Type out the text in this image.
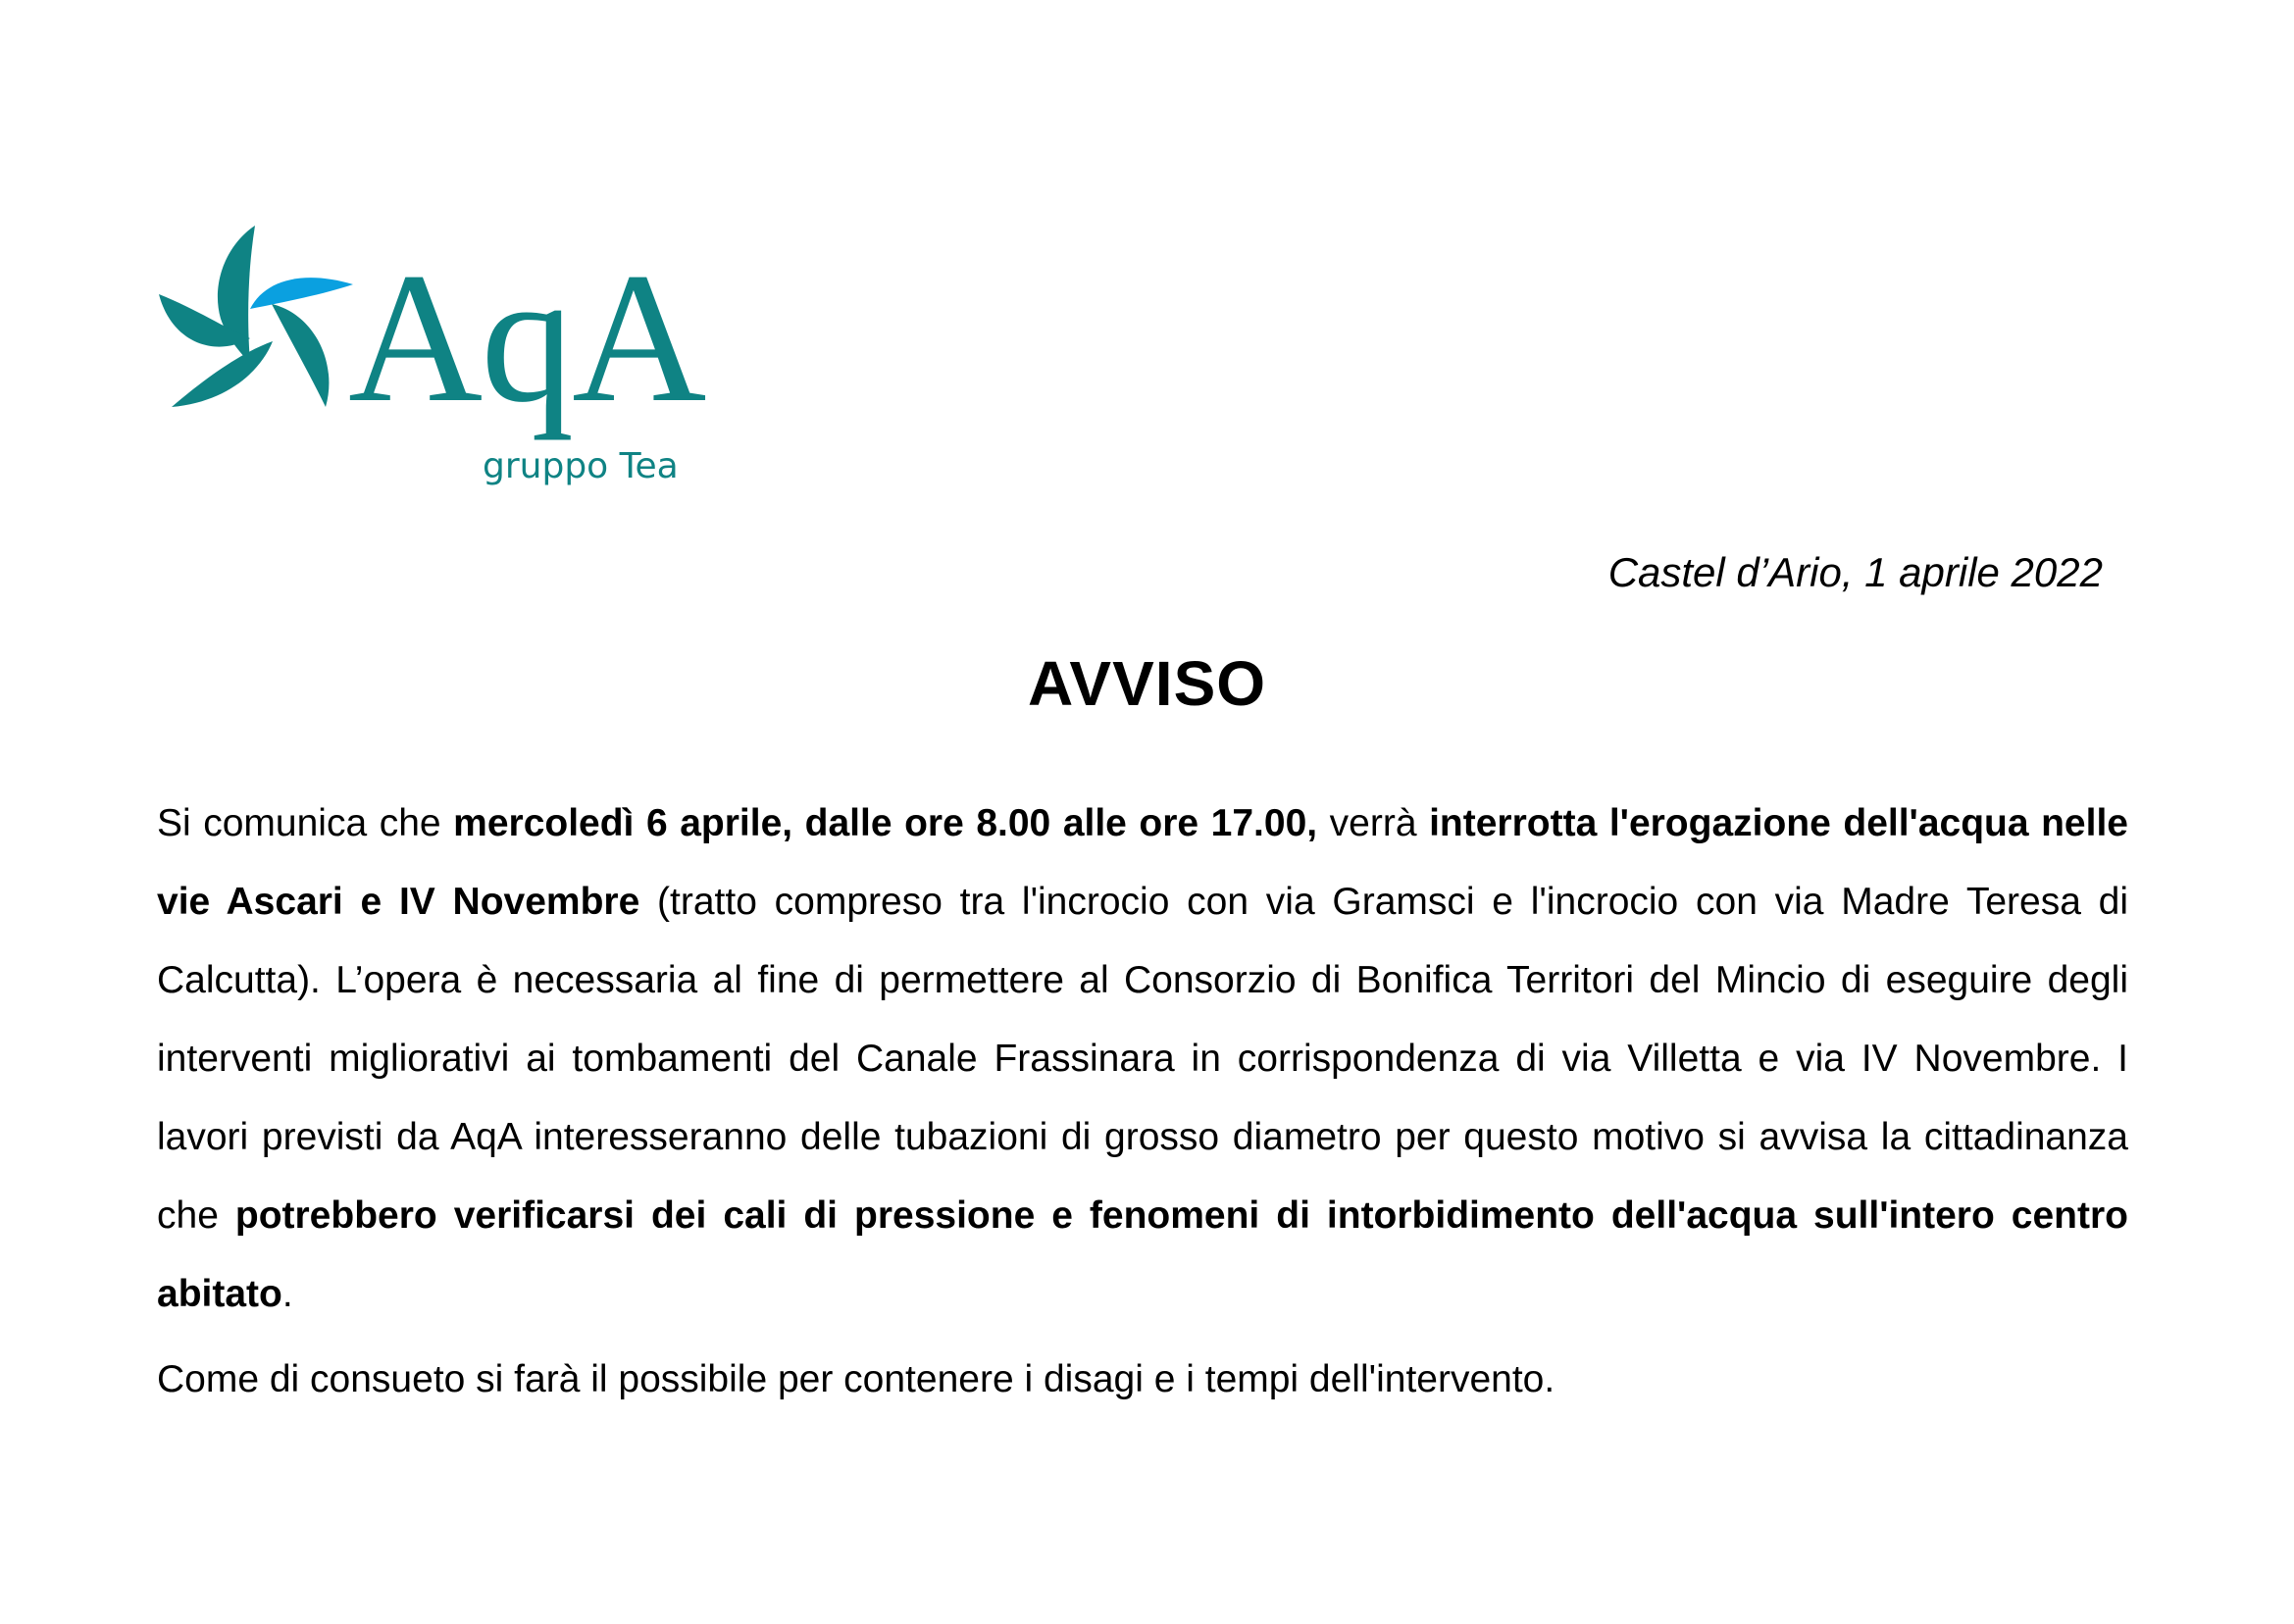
AqA
gruppo Tea
Castel d’Ario, 1 aprile 2022
AVVISO
Si comunica che mercoledì 6 aprile, dalle ore 8.00 alle ore 17.00, verrà interrotta l'erogazione dell'acqua nelle vie Ascari e IV Novembre (tratto compreso tra l'incrocio con via Gramsci e l'incrocio con via Madre Teresa di Calcutta). L’opera è necessaria al fine di permettere al Consorzio di Bonifica Territori del Mincio di eseguire degli interventi migliorativi ai tombamenti del Canale Frassinara in corrispondenza di via Villetta e via IV Novembre. I lavori previsti da AqA interesseranno delle tubazioni di grosso diametro per questo motivo si avvisa la cittadinanza che potrebbero verificarsi dei cali di pressione e fenomeni di intorbidimento dell'acqua sull'intero centro abitato.
Come di consueto si farà il possibile per contenere i disagi e i tempi dell'intervento.
